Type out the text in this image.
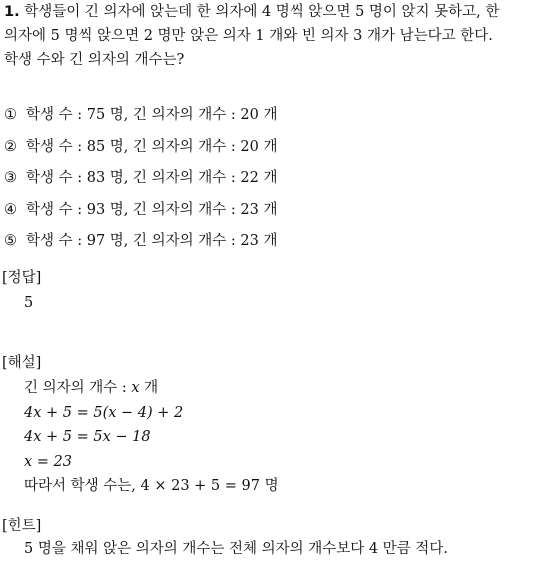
1. 학생들이 긴 의자에 앉는데 한 의자에 4 명씩 앉으면 5 명이 앉지 못하고, 한
의자에 5 명씩 앉으면 2 명만 앉은 의자 1 개와 빈 의자 3 개가 남는다고 한다.
학생 수와 긴 의자의 개수는?
① 학생 수 : 75 명, 긴 의자의 개수 : 20 개
② 학생 수 : 85 명, 긴 의자의 개수 : 20 개
③ 학생 수 : 83 명, 긴 의자의 개수 : 22 개
④ 학생 수 : 93 명, 긴 의자의 개수 : 23 개
⑤ 학생 수 : 97 명, 긴 의자의 개수 : 23 개
[정답]
5
[해설]
긴 의자의 개수 : x 개
4x + 5 = 5(x − 4) + 2
4x + 5 = 5x − 18
x = 23
따라서 학생 수는, 4 × 23 + 5 = 97 명
[힌트]
5 명을 채워 앉은 의자의 개수는 전체 의자의 개수보다 4 만큼 적다.
